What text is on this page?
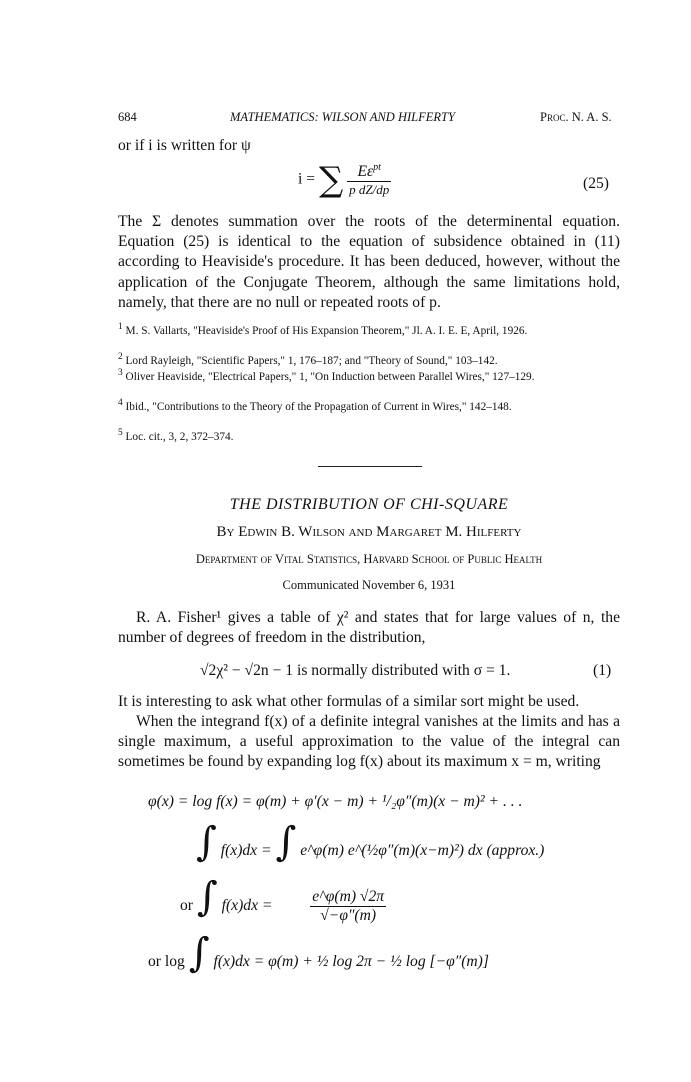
684	MATHEMATICS: WILSON AND HILFERTY	Proc. N. A. S.
or if i is written for ψ
i = ∑ $\frac{E\varepsilon^{pt}}{\text{p dZ/dp}}$	(25)
The Σ denotes summation over the roots of the determinental equation. Equation (25) is identical to the equation of subsidence obtained in (11) according to Heaviside's procedure. It has been deduced, however, without the application of the Conjugate Theorem, although the same limitations hold, namely, that there are no null or repeated roots of p.
$^1$ M. S. Vallarts, "Heaviside's Proof of His Expansion Theorem," Jl. A. I. E. E, April, 1926.
$^2$ Lord Rayleigh, "Scientific Papers," 1, 176–187; and "Theory of Sound," 103–142.
$^3$ Oliver Heaviside, "Electrical Papers," 1, "On Induction between Parallel Wires," 127–129.
$^4$ Ibid., "Contributions to the Theory of the Propagation of Current in Wires," 142–148.
$^5$ Loc. cit., 3, 2, 372–374.
THE DISTRIBUTION OF CHI-SQUARE
By Edwin B. Wilson and Margaret M. Hilferty
Department of Vital Statistics, Harvard School of Public Health
Communicated November 6, 1931
R. A. Fisher¹ gives a table of χ² and states that for large values of n, the number of degrees of freedom in the distribution,
√2χ² − √2n − 1 is normally distributed with σ = 1.	(1)
It is interesting to ask what other formulas of a similar sort might be used.
When the integrand f(x) of a definite integral vanishes at the limits and has a single maximum, a useful approximation to the value of the integral can sometimes be found by expanding log f(x) about its maximum x = m, writing
φ(x) = log f(x) = φ(m) + φ′(x − m) + ¹/₂φ″(m)(x − m)² + . . .
∫ f(x)dx = ∫ e^φ(m) e^(½φ″(m)(x−m)²) dx (approx.)
or ∫ $f(x)dx = \frac{e\^{}\varphi(m) √2\pi}{√-\varphi''(m)}$
or log ∫ f(x)dx = φ(m) + ½ log 2π − ½ log [−φ″(m)]
